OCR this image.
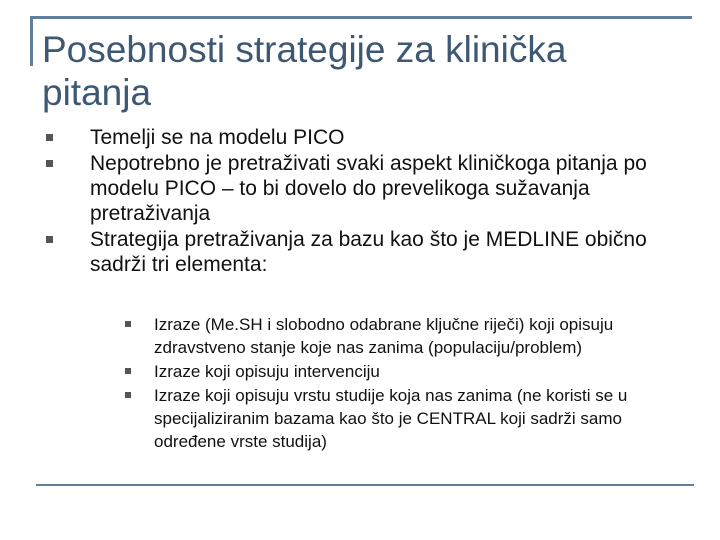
Posebnosti strategije za klinička pitanja
Temelji se na modelu PICO
Nepotrebno je pretraživati svaki aspekt kliničkoga pitanja po modelu PICO – to bi dovelo do prevelikoga sužavanja pretraživanja
Strategija pretraživanja za bazu kao što je MEDLINE obično sadrži tri elementa:
Izraze (Me.SH i slobodno odabrane ključne riječi) koji opisuju zdravstveno stanje koje nas zanima (populaciju/problem)
Izraze koji opisuju intervenciju
Izraze koji opisuju vrstu studije koja nas zanima (ne koristi se u specijaliziranim bazama kao što je CENTRAL koji sadrži samo određene vrste studija)
